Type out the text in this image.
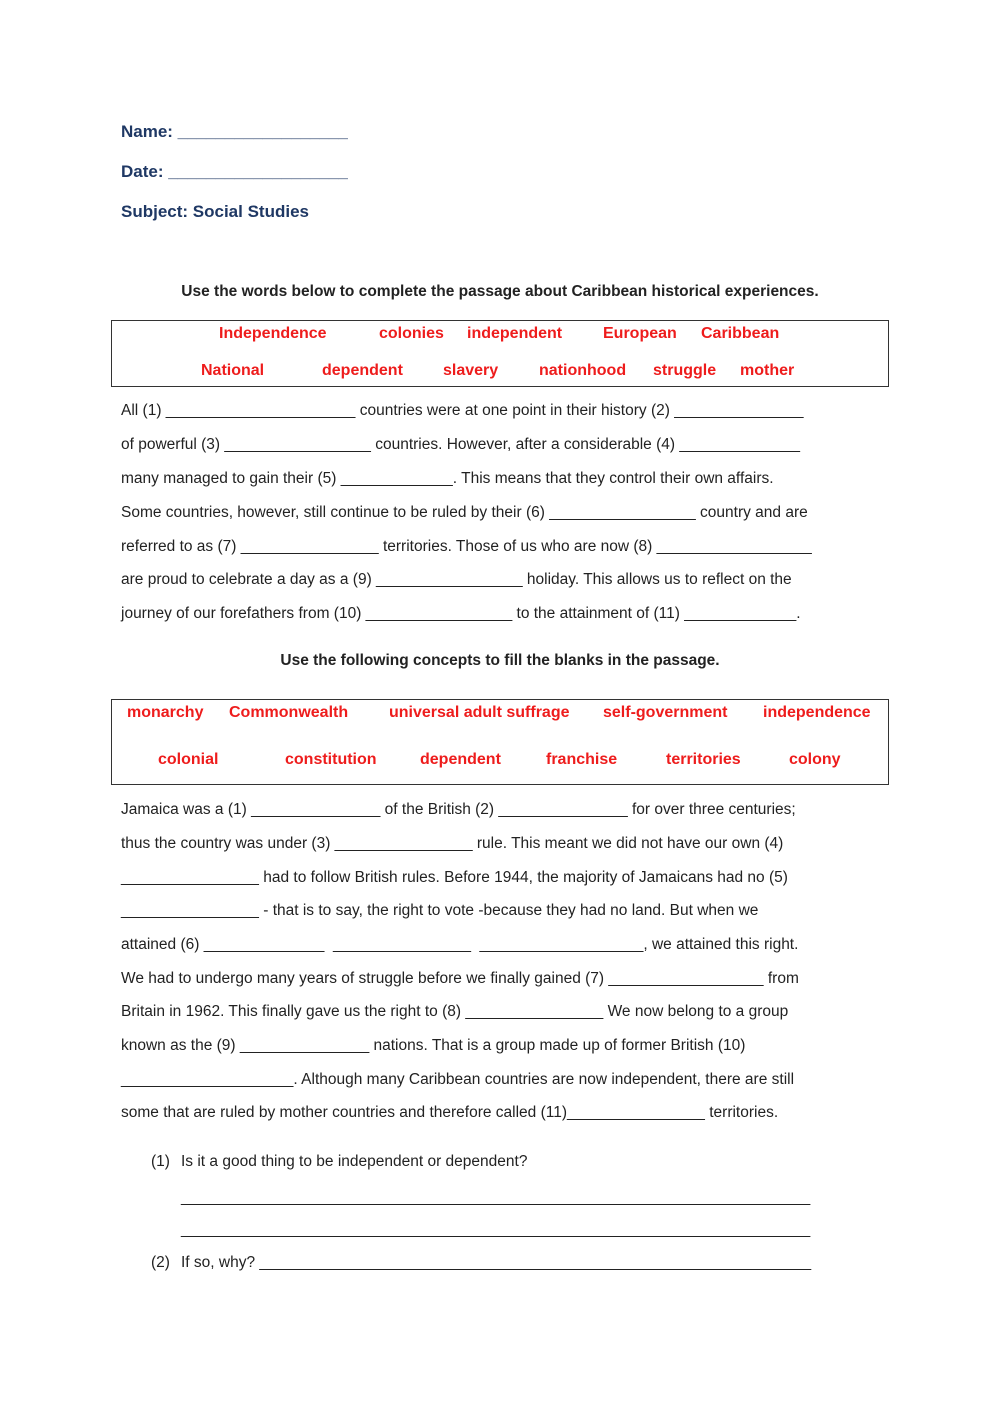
Name: __________________
Date: ___________________
Subject: Social Studies
Use the words below to complete the passage about Caribbean historical experiences.
Independence	colonies independent	European Caribbean
National	dependent	slavery	nationhood struggle mother
All (1) ______________________ countries were at one point in their history (2) _______________
of powerful (3) _________________ countries. However, after a considerable (4) ______________
many managed to gain their (5) _____________. This means that they control their own affairs.
Some countries, however, still continue to be ruled by their (6) _________________ country and are
referred to as (7) ________________ territories. Those of us who are now (8) __________________
are proud to celebrate a day as a (9) _________________ holiday. This allows us to reflect on the
journey of our forefathers from (10) _________________ to the attainment of (11) _____________.
Use the following concepts to fill the blanks in the passage.
monarchy Commonwealth	universal adult suffrage self-government independence
colonial	constitution	dependent	franchise	territories	colony
Jamaica was a (1) _______________ of the British (2) _______________ for over three centuries;
thus the country was under (3) ________________ rule. This meant we did not have our own (4)
________________ had to follow British rules. Before 1944, the majority of Jamaicans had no (5)
________________ - that is to say, the right to vote -because they had no land. But when we
attained (6) ______________  ________________  ___________________, we attained this right.
We had to undergo many years of struggle before we finally gained (7) __________________ from
Britain in 1962. This finally gave us the right to (8) ________________ We now belong to a group
known as the (9) _______________ nations. That is a group made up of former British (10)
____________________. Although many Caribbean countries are now independent, there are still
some that are ruled by mother countries and therefore called (11)________________ territories.
(1) Is it a good thing to be independent or dependent?
_________________________________________________________________________
_________________________________________________________________________
(2) If so, why? ________________________________________________________________
